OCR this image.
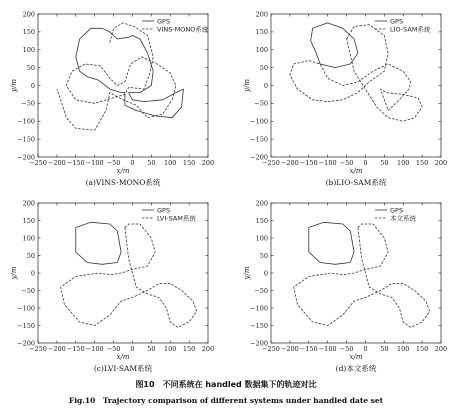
−250 −200 −150 −100 −50 0 50 100 150 200
−200
−150
−100
−50
0
50
100
150
200
x/m
y/m
GPS
VINS-MONO系统
(a)VINS-MONO系统
−250 −200 −150 −100 −50 0 50 100 150 200
−200
−150
−100
−50
0
50
100
150
200
x/m
y/m
GPS
LIO-SAM系统
(b)LIO-SAM系统
−250 −200 −150 −100 −50 0 50 100 150 200
−200
−150
−100
−50
0
50
100
150
200
x/m
y/m
GPS
LVI-SAM系统
(c)LVI-SAM系统
−250 −200 −150 −100 −50 0 50 100 150 200
−200
−150
−100
−50
0
50
100
150
200
x/m
y/m
GPS
本文系统
(d)本文系统
图10　不同系统在 handled 数据集下的轨迹对比
Fig.10　Trajectory comparison of different systems under handled date set
